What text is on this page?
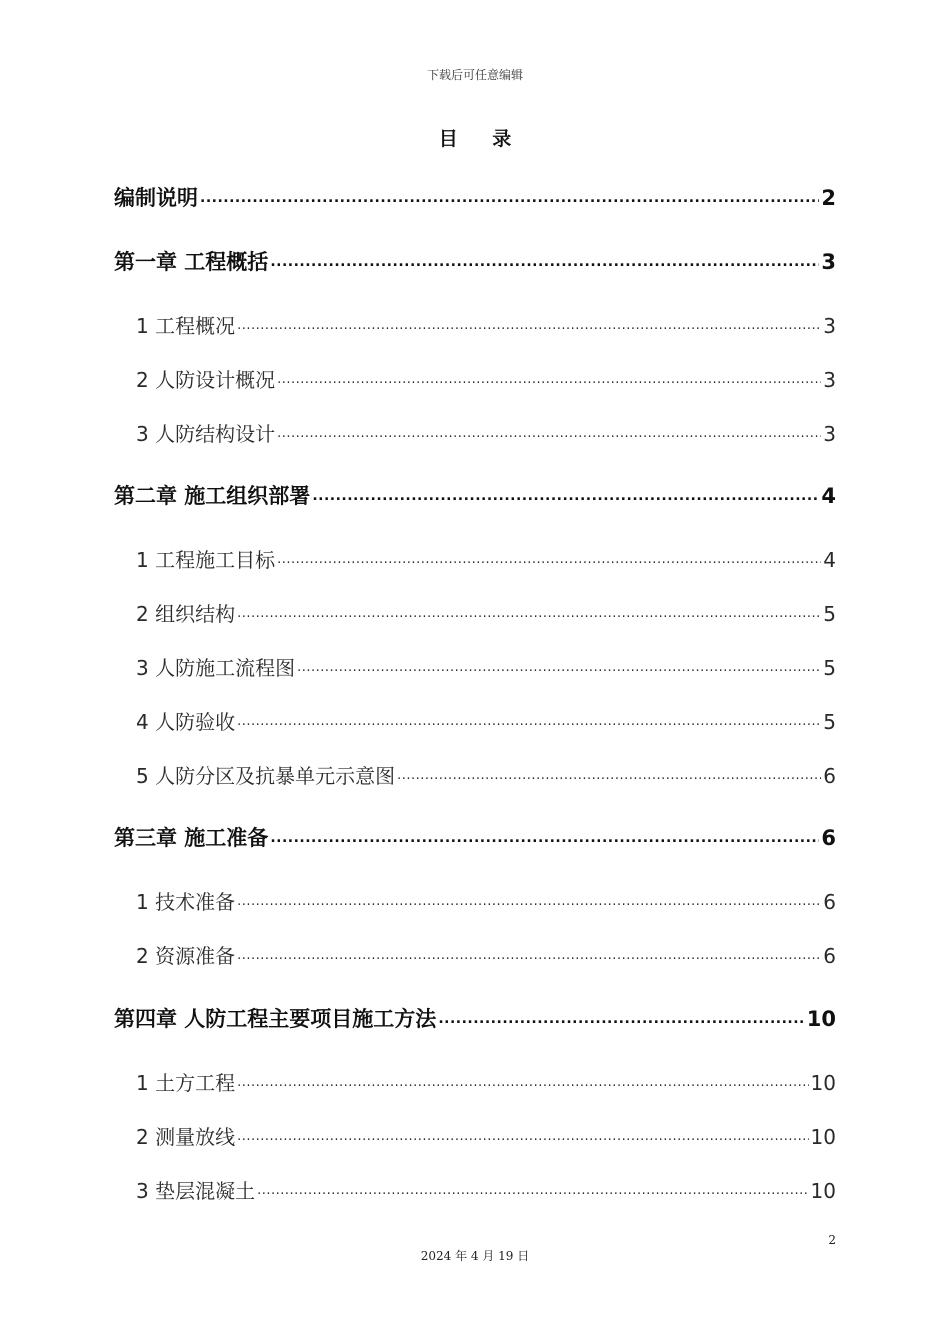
下载后可任意编辑
目 录
编制说明 .....	2
第一章 工程概括 .....	3
1 工程概况 .....	3
2 人防设计概况 .....	3
3 人防结构设计 .....	3
第二章 施工组织部署 .....	4
1 工程施工目标 .....	4
2 组织结构 .....	5
3 人防施工流程图 .....	5
4 人防验收 .....	5
5 人防分区及抗暴单元示意图 .....	6
第三章 施工准备 .....	6
1 技术准备 .....	6
2 资源准备 .....	6
第四章 人防工程主要项目施工方法 .....	10
1 土方工程 .....	10
2 测量放线 .....	10
3 垫层混凝土 .....	10
2
2024 年 4 月 19 日
